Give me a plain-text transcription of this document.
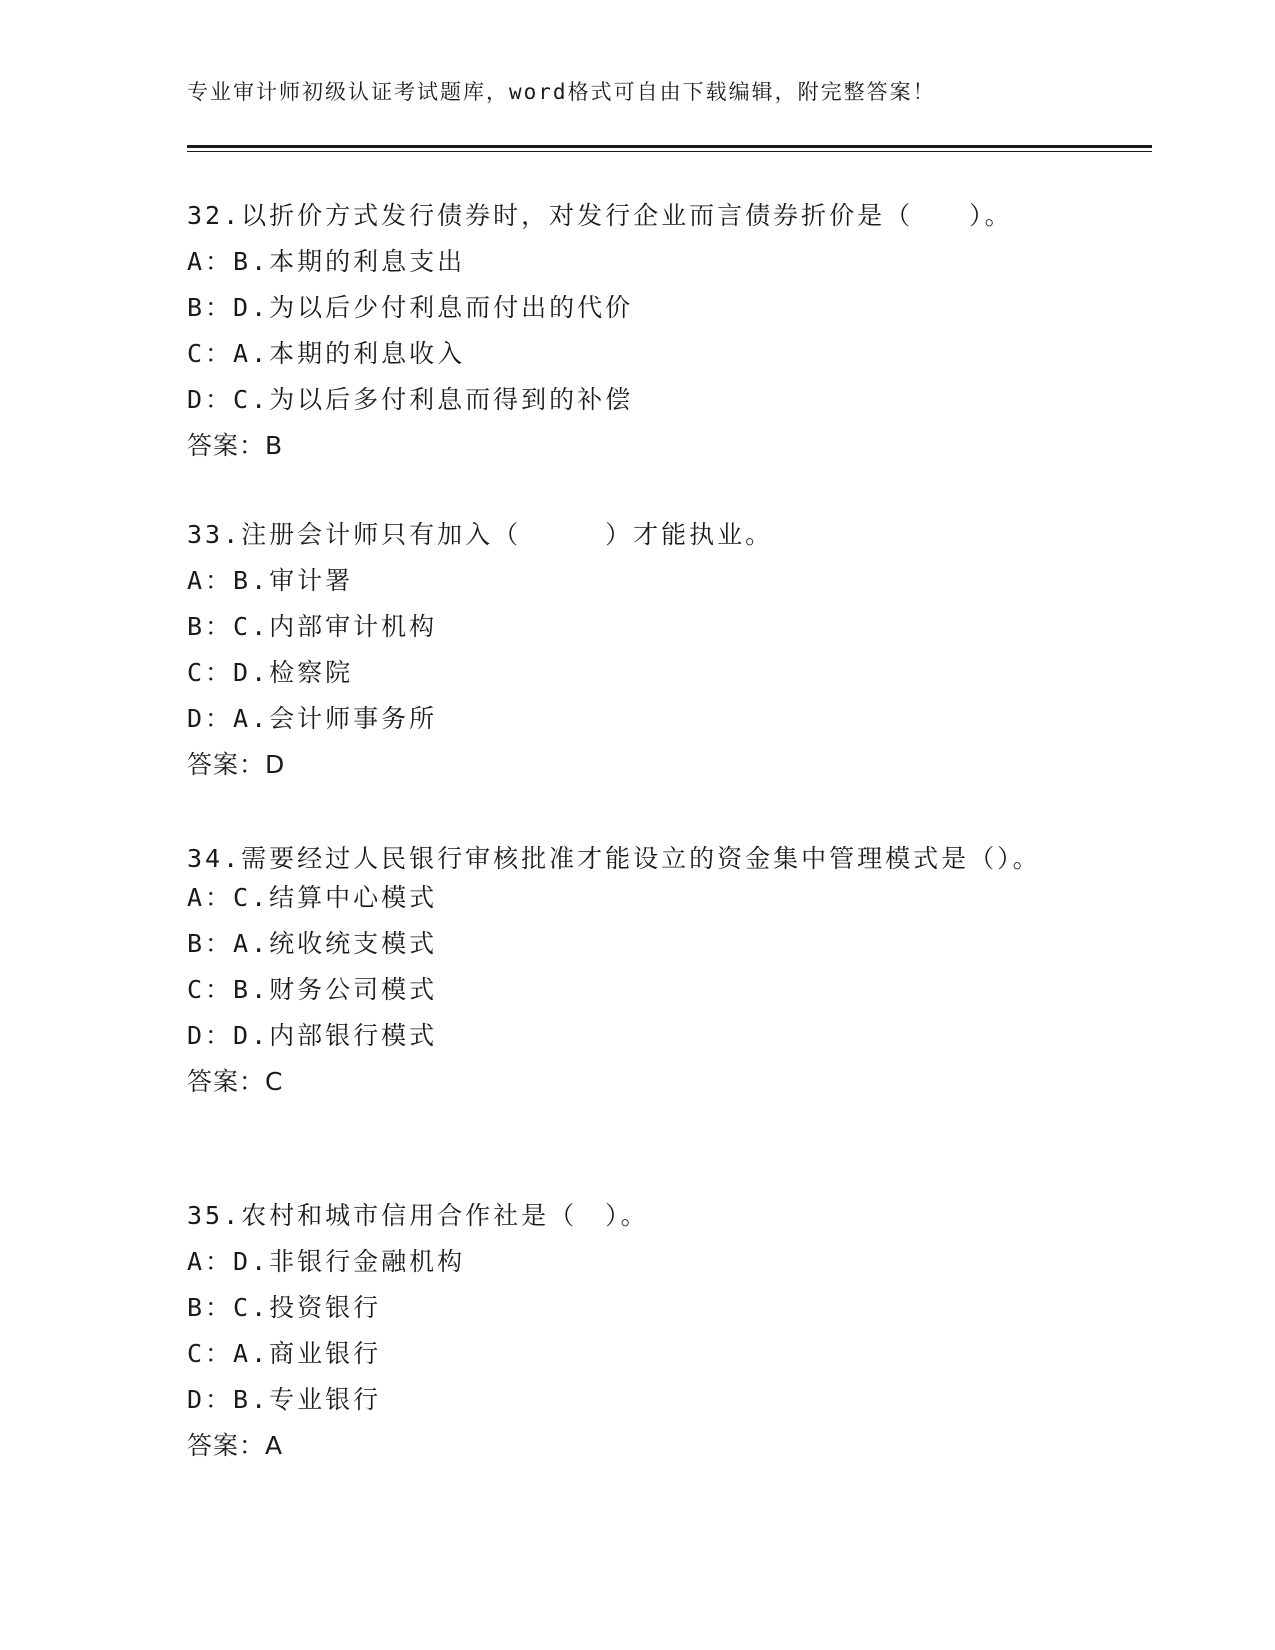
专业审计师初级认证考试题库，word格式可自由下载编辑，附完整答案！
32.以折价方式发行债券时，对发行企业而言债券折价是（　　）。
A：B.本期的利息支出
B：D.为以后少付利息而付出的代价
C：A.本期的利息收入
D：C.为以后多付利息而得到的补偿
答案：B
33.注册会计师只有加入（　　　）才能执业。
A：B.审计署
B：C.内部审计机构
C：D.检察院
D：A.会计师事务所
答案：D
34.需要经过人民银行审核批准才能设立的资金集中管理模式是（）。
A：C.结算中心模式
B：A.统收统支模式
C：B.财务公司模式
D：D.内部银行模式
答案：C
35.农村和城市信用合作社是（　）。
A：D.非银行金融机构
B：C.投资银行
C：A.商业银行
D：B.专业银行
答案：A
